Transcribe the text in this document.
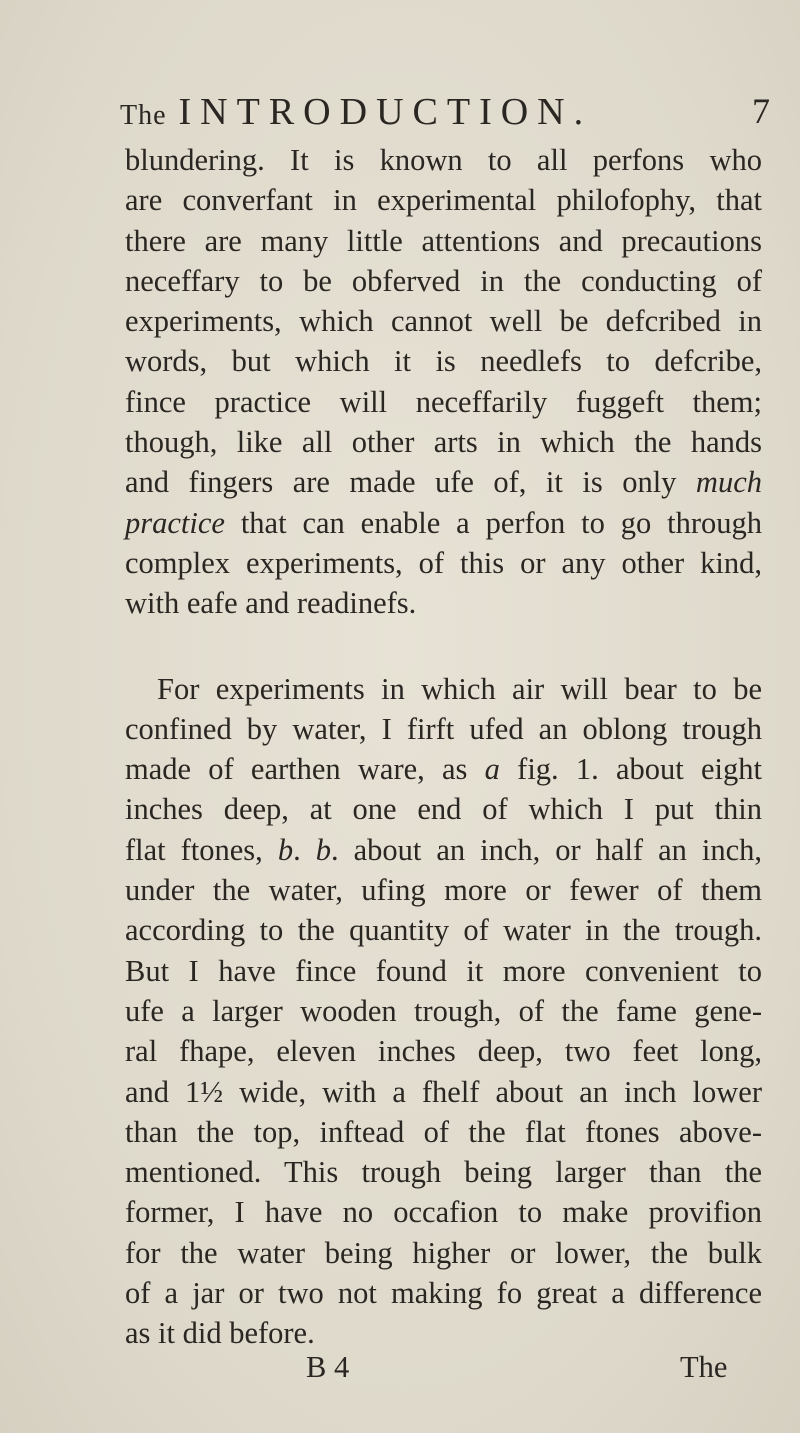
The INTRODUCTION.	7
blundering. It is known to all perfons who
are converfant in experimental philofophy, that
there are many little attentions and precautions
neceffary to be obferved in the conducting of
experiments, which cannot well be defcribed in
words, but which it is needlefs to defcribe,
fince practice will neceffarily fuggeft them;
though, like all other arts in which the hands
and fingers are made ufe of, it is only much
practice that can enable a perfon to go through
complex experiments, of this or any other kind,
with eafe and readinefs.
For experiments in which air will bear to be
confined by water, I firft ufed an oblong trough
made of earthen ware, as a fig. 1. about eight
inches deep, at one end of which I put thin
flat ftones, b. b. about an inch, or half an inch,
under the water, ufing more or fewer of them
according to the quantity of water in the trough.
But I have fince found it more convenient to
ufe a larger wooden trough, of the fame gene-
ral fhape, eleven inches deep, two feet long,
and 1½ wide, with a fhelf about an inch lower
than the top, inftead of the flat ftones above-
mentioned. This trough being larger than the
former, I have no occafion to make provifion
for the water being higher or lower, the bulk
of a jar or two not making fo great a difference
as it did before.
B 4	The
